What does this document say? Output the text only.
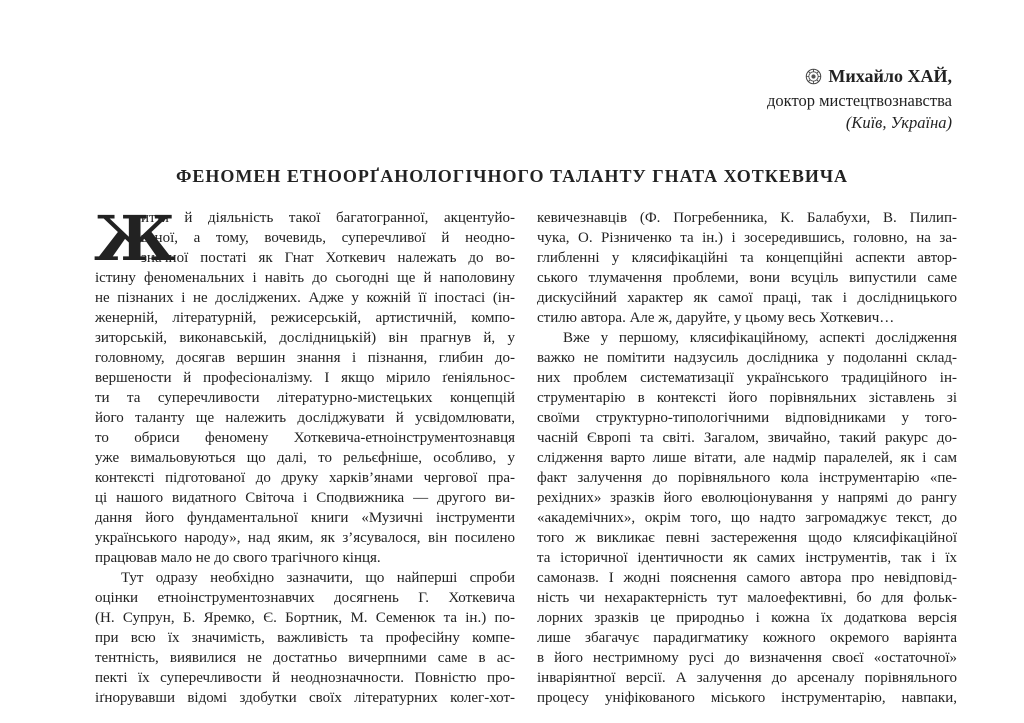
Михайло ХАЙ,
доктор мистецтвознавства
(Київ, Україна)
ФЕНОМЕН ЕТНООРҐАНОЛОГІЧНОГО ТАЛАНТУ ГНАТА ХОТКЕВИЧА
Ж
иття й діяльність такої багатогранної, акцентуйо-
ваної, а тому, вочевидь, суперечливої й неодно-
значної постаті як Гнат Хоткевич належать до во-
істину феноменальних і навіть до сьогодні ще й наполовину
не пізнаних і не досліджених. Адже у кожній її іпостасі (ін-
женерній, літературній, режисерській, артистичній, компо-
зиторській, виконавській, дослідницькій) він прагнув й, у
головному, досягав вершин знання і пізнання, глибин до-
вершености й професіоналізму. І якщо мірило ґеніяльнос-
ти та суперечливости літературно-мистецьких концепцій
його таланту ще належить досліджувати й усвідомлювати,
то обриси феномену Хоткевича-етноінструментознавця
уже вимальовуються що далі, то рельєфніше, особливо, у
контексті підготованої до друку харків’янами чергової пра-
ці нашого видатного Світоча і Сподвижника — другого ви-
дання його фундаментальної книги «Музичні інструменти
українського народу», над яким, як з’ясувалося, він посилено
працював мало не до свого трагічного кінця.
Тут одразу необхідно зазначити, що найперші спроби
оцінки етноінструментознавчих досягнень Г. Хоткевича
(Н. Супрун, Б. Яремко, Є. Бортник, М. Семенюк та ін.) по-
при всю їх значимість, важливість та професійну компе-
тентність, виявилися не достатньо вичерпними саме в ас-
пекті їх суперечливости й неоднозначности. Повністю про-
іґнорувавши відомі здобутки своїх літературних колег-хот-
кевичезнавців (Ф. Погребенника, К. Балабухи, В. Пилип-
чука, О. Різниченко та ін.) і зосередившись, головно, на за-
глибленні у клясифікаційні та концепційні аспекти автор-
ського тлумачення проблеми, вони всуціль випустили саме
дискусійний характер як самої праці, так і дослідницького
стилю автора. Але ж, даруйте, у цьому весь Хоткевич…
Вже у першому, клясифікаційному, аспекті дослідження
важко не помітити надзусиль дослідника у подоланні склад-
них проблем систематизації українського традиційного ін-
струментарію в контексті його порівняльних зіставлень зі
своїми структурно-типологічними відповідниками у того-
часній Європі та світі. Загалом, звичайно, такий ракурс до-
слідження варто лише вітати, але надмір паралелей, як і сам
факт залучення до порівняльного кола інструментарію «пе-
рехідних» зразків його еволюціонування у напрямі до рангу
«академічних», окрім того, що надто загромаджує текст, до
того ж викликає певні застереження щодо клясифікаційної
та історичної ідентичности як самих інструментів, так і їх
самоназв. І жодні пояснення самого автора про невідповід-
ність чи нехарактерність тут малоефективні, бо для фольк-
лорних зразків це природньо і кожна їх додаткова версія
лише збагачує парадигматику кожного окремого варіянта
в його нестримному русі до визначення своєї «остаточної»
інваріянтної версії. А залучення до арсеналу порівняльного
процесу уніфікованого міського інструментарію, навпаки,
